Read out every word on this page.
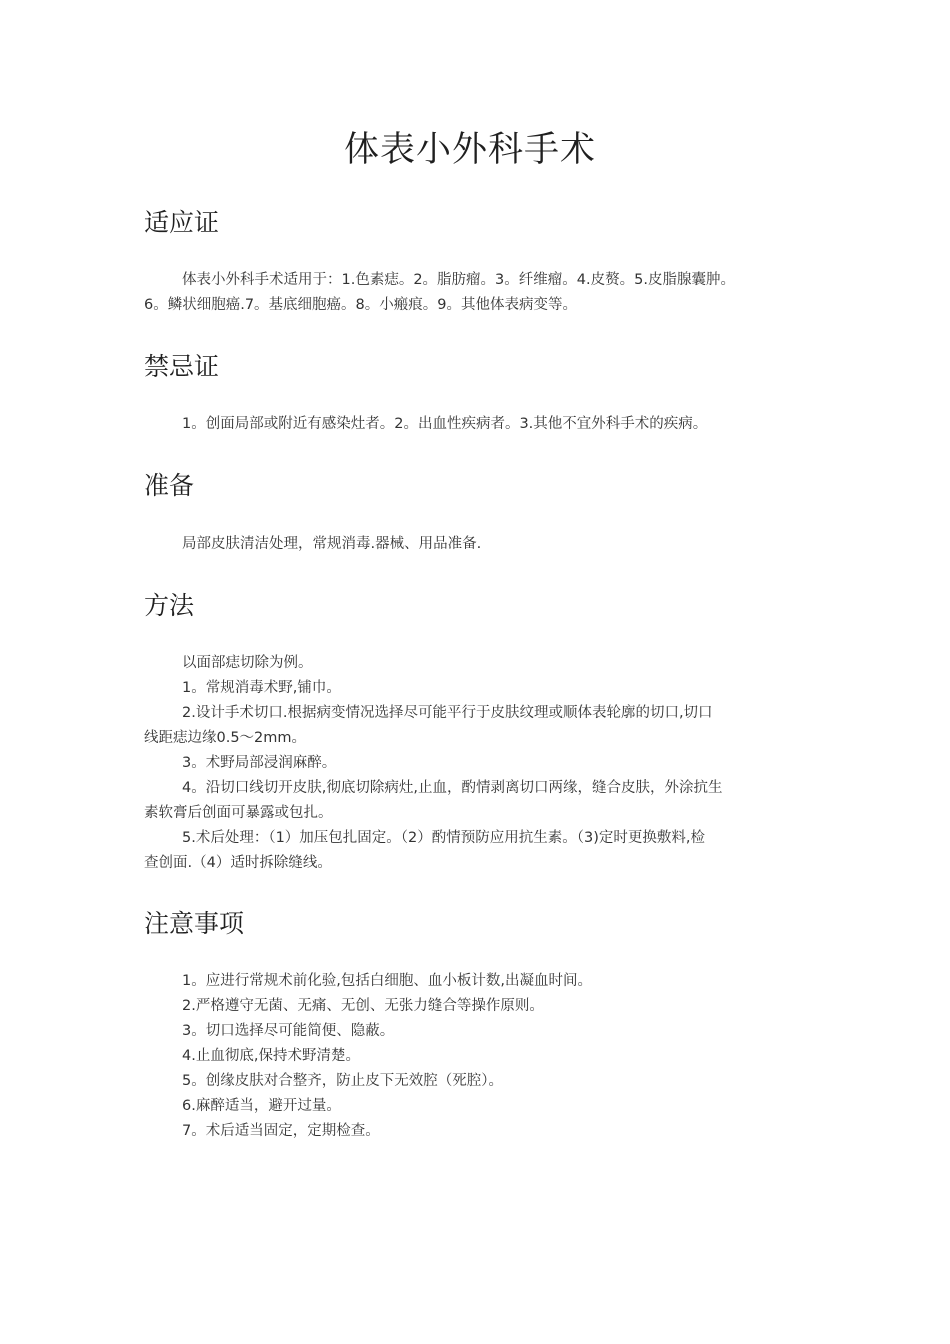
体表小外科手术
适应证

体表小外科手术适用于：1.色素痣。2。脂肪瘤。3。纤维瘤。4.皮赘。5.皮脂腺囊肿。

6。鳞状细胞癌.7。基底细胞癌。8。小瘢痕。9。其他体表病变等。
禁忌证

1。创面局部或附近有感染灶者。2。出血性疾病者。3.其他不宜外科手术的疾病。

准备

局部皮肤清洁处理，常规消毒.器械、用品准备.

方法

以面部痣切除为例。

1。常规消毒术野,铺巾。

2.设计手术切口.根据病变情况选择尽可能平行于皮肤纹理或顺体表轮廓的切口,切口

线距痣边缘0.5～2mm。

3。术野局部浸润麻醉。

4。沿切口线切开皮肤,彻底切除病灶,止血，酌情剥离切口两缘，缝合皮肤，外涂抗生

素软膏后创面可暴露或包扎。

5.术后处理：（1）加压包扎固定。（2）酌情预防应用抗生素。（3)定时更换敷料,检

查创面.（4）适时拆除缝线。
注意事项

1。应进行常规术前化验,包括白细胞、血小板计数,出凝血时间。

2.严格遵守无菌、无痛、无创、无张力缝合等操作原则。

3。切口选择尽可能简便、隐蔽。

4.止血彻底,保持术野清楚。

5。创缘皮肤对合整齐，防止皮下无效腔（死腔）。

6.麻醉适当，避开过量。

7。术后适当固定，定期检查。
